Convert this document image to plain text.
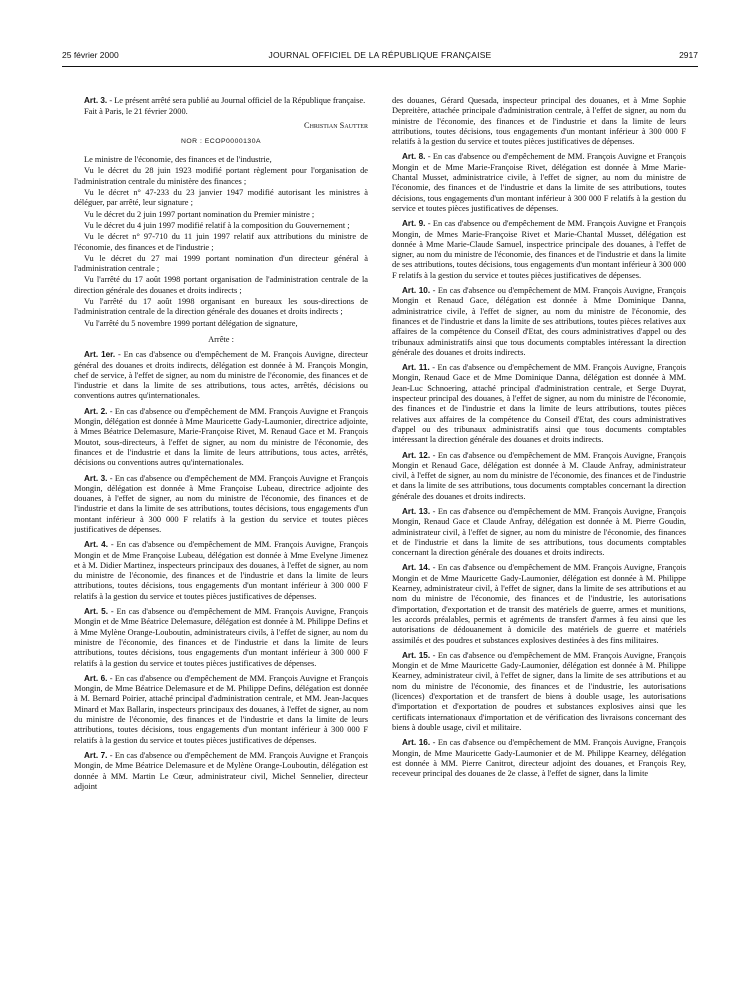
25 février 2000	JOURNAL OFFICIEL DE LA RÉPUBLIQUE FRANÇAISE	2917

Art. 3. - Le présent arrêté sera publié au Journal officiel de la République française.

Fait à Paris, le 21 février 2000.

Christian Sautter

NOR : ECOP0000130A

Le ministre de l'économie, des finances et de l'industrie,

Vu le décret du 28 juin 1923 modifié portant règlement pour l'organisation de l'administration centrale du ministère des finances ;

Vu le décret n° 47-233 du 23 janvier 1947 modifié autorisant les ministres à déléguer, par arrêté, leur signature ;

Vu le décret du 2 juin 1997 portant nomination du Premier ministre ;

Vu le décret du 4 juin 1997 modifié relatif à la composition du Gouvernement ;

Vu le décret n° 97-710 du 11 juin 1997 relatif aux attributions du ministre de l'économie, des finances et de l'industrie ;

Vu le décret du 27 mai 1999 portant nomination d'un directeur général à l'administration centrale ;

Vu l'arrêté du 17 août 1998 portant organisation de l'administration centrale de la direction générale des douanes et droits indirects ;

Vu l'arrêté du 17 août 1998 organisant en bureaux les sous-directions de l'administration centrale de la direction générale des douanes et droits indirects ;

Vu l'arrêté du 5 novembre 1999 portant délégation de signature,

Arrête :

Art. 1er. - En cas d'absence ou d'empêchement de M. François Auvigne, directeur général des douanes et droits indirects, délégation est donnée à M. François Mongin, chef de service, à l'effet de signer, au nom du ministre de l'économie, des finances et de l'industrie et dans la limite de ses attributions, tous actes, arrêtés, décisions ou conventions autres qu'internationales.

Art. 2. - En cas d'absence ou d'empêchement de MM. François Auvigne et François Mongin, délégation est donnée à Mme Mauricette Gady-Laumonier, directrice adjointe, à Mmes Béatrice Delemasure, Marie-Françoise Rivet, M. Renaud Gace et M. François Moutot, sous-directeurs, à l'effet de signer, au nom du ministre de l'économie, des finances et de l'industrie et dans la limite de leurs attributions, tous actes, arrêtés, décisions ou conventions autres qu'internationales.

Art. 3. - En cas d'absence ou d'empêchement de MM. François Auvigne et François Mongin, délégation est donnée à Mme Françoise Lubeau, directrice adjointe des douanes, à l'effet de signer, au nom du ministre de l'économie, des finances et de l'industrie et dans la limite de ses attributions, toutes décisions, tous engagements d'un montant inférieur à 300 000 F relatifs à la gestion du service et toutes pièces justificatives de dépenses.

Art. 4. - En cas d'absence ou d'empêchement de MM. François Auvigne, François Mongin et de Mme Françoise Lubeau, délégation est donnée à Mme Evelyne Jimenez et à M. Didier Martinez, inspecteurs principaux des douanes, à l'effet de signer, au nom du ministre de l'économie, des finances et de l'industrie et dans la limite de leurs attributions, toutes décisions, tous engagements d'un montant inférieur à 300 000 F relatifs à la gestion du service et toutes pièces justificatives de dépenses.

Art. 5. - En cas d'absence ou d'empêchement de MM. François Auvigne, François Mongin et de Mme Béatrice Delemasure, délégation est donnée à M. Philippe Defins et à Mme Mylène Orange-Louboutin, administrateurs civils, à l'effet de signer, au nom du ministre de l'économie, des finances et de l'industrie et dans la limite de leurs attributions, toutes décisions, tous engagements d'un montant inférieur à 300 000 F relatifs à la gestion du service et toutes pièces justificatives de dépenses.

Art. 6. - En cas d'absence ou d'empêchement de MM. François Auvigne et François Mongin, de Mme Béatrice Delemasure et de M. Philippe Defins, délégation est donnée à M. Bernard Poirier, attaché principal d'administration centrale, et MM. Jean-Jacques Minard et Max Ballarin, inspecteurs principaux des douanes, à l'effet de signer, au nom du ministre de l'économie, des finances et de l'industrie et dans la limite de leurs attributions, toutes décisions, tous engagements d'un montant inférieur à 300 000 F relatifs à la gestion du service et toutes pièces justificatives de dépenses.

Art. 7. - En cas d'absence ou d'empêchement de MM. François Auvigne et François Mongin, de Mme Béatrice Delemasure et de Mylène Orange-Louboutin, délégation est donnée à MM. Martin Le Cœur, administrateur civil, Michel Sennelier, directeur adjoint

des douanes, Gérard Quesada, inspecteur principal des douanes, et à Mme Sophie Depreitère, attachée principale d'administration centrale, à l'effet de signer, au nom du ministre de l'économie, des finances et de l'industrie et dans la limite de leurs attributions, toutes décisions, tous engagements d'un montant inférieur à 300 000 F relatifs à la gestion du service et toutes pièces justificatives de dépenses.

Art. 8. - En cas d'absence ou d'empêchement de MM. François Auvigne et François Mongin et de Mme Marie-Françoise Rivet, délégation est donnée à Mme Marie-Chantal Musset, administratrice civile, à l'effet de signer, au nom du ministre de l'économie, des finances et de l'industrie et dans la limite de ses attributions, toutes décisions, tous engagements d'un montant inférieur à 300 000 F relatifs à la gestion du service et toutes pièces justificatives de dépenses.

Art. 9. - En cas d'absence ou d'empêchement de MM. François Auvigne et François Mongin, de Mmes Marie-Françoise Rivet et Marie-Chantal Musset, délégation est donnée à Mme Marie-Claude Samuel, inspectrice principale des douanes, à l'effet de signer, au nom du ministre de l'économie, des finances et de l'industrie et dans la limite de ses attributions, toutes décisions, tous engagements d'un montant inférieur à 300 000 F relatifs à la gestion du service et toutes pièces justificatives de dépenses.

Art. 10. - En cas d'absence ou d'empêchement de MM. François Auvigne, François Mongin et Renaud Gace, délégation est donnée à Mme Dominique Danna, administratrice civile, à l'effet de signer, au nom du ministre de l'économie, des finances et de l'industrie et dans la limite de ses attributions, toutes pièces relatives aux affaires de la compétence du Conseil d'Etat, des cours administratives d'appel ou des tribunaux administratifs ainsi que tous documents comptables intéressant la direction générale des douanes et droits indirects.

Art. 11. - En cas d'absence ou d'empêchement de MM. François Auvigne, François Mongin, Renaud Gace et de Mme Dominique Danna, délégation est donnée à MM. Jean-Luc Schnoering, attaché principal d'administration centrale, et Serge Duyrat, inspecteur principal des douanes, à l'effet de signer, au nom du ministre de l'économie, des finances et de l'industrie et dans la limite de leurs attributions, toutes pièces relatives aux affaires de la compétence du Conseil d'Etat, des cours administratives d'appel ou des tribunaux administratifs ainsi que tous documents comptables intéressant la direction générale des douanes et droits indirects.

Art. 12. - En cas d'absence ou d'empêchement de MM. François Auvigne, François Mongin et Renaud Gace, délégation est donnée à M. Claude Anfray, administrateur civil, à l'effet de signer, au nom du ministre de l'économie, des finances et de l'industrie et dans la limite de ses attributions, tous documents comptables concernant la direction générale des douanes et droits indirects.

Art. 13. - En cas d'absence ou d'empêchement de MM. François Auvigne, François Mongin, Renaud Gace et Claude Anfray, délégation est donnée à M. Pierre Goudin, administrateur civil, à l'effet de signer, au nom du ministre de l'économie, des finances et de l'industrie et dans la limite de ses attributions, tous documents comptables concernant la direction générale des douanes et droits indirects.

Art. 14. - En cas d'absence ou d'empêchement de MM. François Auvigne, François Mongin et de Mme Mauricette Gady-Laumonier, délégation est donnée à M. Philippe Kearney, administrateur civil, à l'effet de signer, dans la limite de ses attributions et au nom du ministre de l'économie, des finances et de l'industrie, les autorisations d'importation, d'exportation et de transit des matériels de guerre, armes et munitions, les accords préalables, permis et agréments de transfert d'armes à feu ainsi que les autorisations de dédouanement à domicile des matériels de guerre et matériels assimilés et des poudres et substances explosives destinées à des fins militaires.

Art. 15. - En cas d'absence ou d'empêchement de MM. François Auvigne, François Mongin et de Mme Mauricette Gady-Laumonier, délégation est donnée à M. Philippe Kearney, administrateur civil, à l'effet de signer, dans la limite de ses attributions et au nom du ministre de l'économie, des finances et de l'industrie, les autorisations (licences) d'exportation et de transfert de biens à double usage, les autorisations d'importation et d'exportation de poudres et substances explosives ainsi que les certificats internationaux d'importation et de vérification des livraisons concernant des biens à double usage, civil et militaire.

Art. 16. - En cas d'absence ou d'empêchement de MM. François Auvigne, François Mongin, de Mme Mauricette Gady-Laumonier et de M. Philippe Kearney, délégation est donnée à MM. Pierre Canitrot, directeur adjoint des douanes, et François Rey, receveur principal des douanes de 2e classe, à l'effet de signer, dans la limite
